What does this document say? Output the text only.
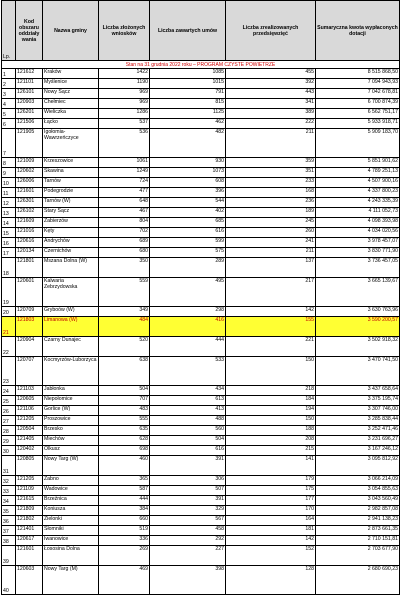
Lp.	Kod obszaru oddziały wania	Nazwa gminy	Liczba złożonych wniosków	Liczba zawartych umów	Liczba zrealizowanych przedsięwzięć	Sumaryczna kwota wypłaconych dotacji
Stan na 31 grudnia 2022 roku – PROGRAM CZYSTE POWIETRZE						
1	121612	Kraków	1422	1085	455	8 515 868,50
2	121101	Myślenice	1190	1015	392	7 094 943,93
3	126101	Nowy Sącz	969	791	443	7 042 678,81
4	120903	Chełmiec	969	815	341	6 700 874,39
5	126201	Wieliczka	1286	1125	389	6 562 751,17
6	121506	Łącko	537	462	222	5 933 918,71
7	121905	Igołomia-Wawrzeńczyce	536	482	211	5 909 183,70
8	121009	Krzeszowice	1061	930	359	5 851 901,62
9	120602	Skawina	1249	1073	351	4 789 251,13
10	126006	Tarnów	724	608	233	4 507 900,16
11	121601	Podegrodzie	477	396	168	4 337 800,23
12	126301	Tarnów (W)	648	544	236	4 243 335,39
13	126102	Stary Sącz	467	402	189	4 111 052,73
14	121609	Zabierzów	804	685	245	4 098 393,98
15	121016	Kęty	702	616	260	4 034 020,56
16	120616	Andrychów	689	599	241	3 978 457,07
17	120134	Czernichów	680	575	211	3 830 771,90
18	121801	Mszana Dolna (W)	350	289	137	3 736 457,05
19	120601	Kalwaria Zebrzydowska	559	495	217	3 665 139,67
20	120709	Gryboów (W)	349	298	142	3 630 763,96
21	121803	Limanowa (W)	484	416	155	3 590 200,57
22	120904	Czarny Dunajec	520	444	221	3 502 918,32
23	120707	Kocmyrzów-Luborzyca	638	533	150	3 470 741,50
24	121103	Jabłonka	504	434	218	3 437 658,64
25	120605	Niepołomice	707	613	184	3 375 195,74
26	121106	Gorlice (W)	483	413	194	3 307 746,00
27	121205	Proszowice	555	488	150	3 285 838,44
28	120504	Brzesko	635	560	188	3 252 471,46
29	121405	Miechów	628	504	208	3 231 696,27
30	120402	Olkusz	698	616	215	3 167 246,12
31	120805	Nowy Targ (W)	460	391	141	3 095 812,92
32	121205	Żabno	365	306	179	3 066 214,09
33	121109	Wadowice	587	507	175	3 054 855,63
34	121615	Brzeźnica	444	391	177	3 043 560,49
35	121809	Koniusza	384	329	170	2 982 857,08
36	121802	Zielonki	660	567	164	2 941 138,23
37	121401	Słomniki	519	458	181	2 873 661,35
38	120617	Iwanowice	336	292	142	2 710 151,81
39	121601	Łososina Dolna	269	227	152	2 703 677,90
40	120603	Nowy Targ (M)	469	398	128	2 680 690,23
